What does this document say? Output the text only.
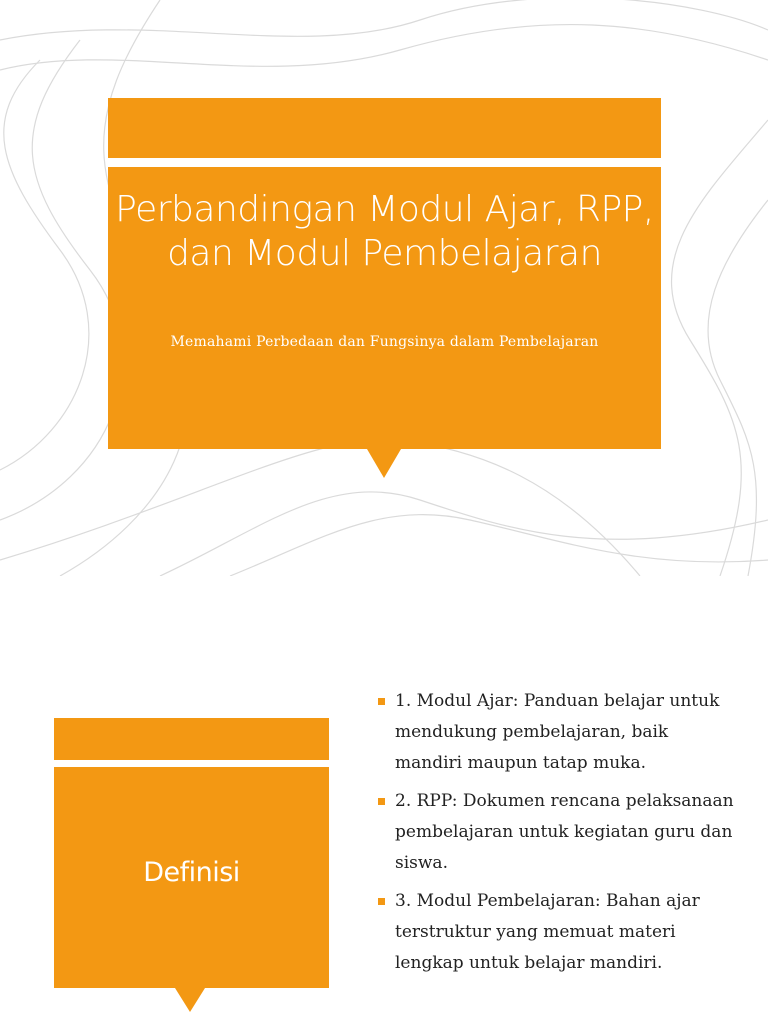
Perbandingan Modul Ajar, RPP, dan Modul Pembelajaran
Memahami Perbedaan dan Fungsinya dalam Pembelajaran
Definisi
1. Modul Ajar: Panduan belajar untuk mendukung pembelajaran, baik mandiri maupun tatap muka.
2. RPP: Dokumen rencana pelaksanaan pembelajaran untuk kegiatan guru dan siswa.
3. Modul Pembelajaran: Bahan ajar terstruktur yang memuat materi lengkap untuk belajar mandiri.
